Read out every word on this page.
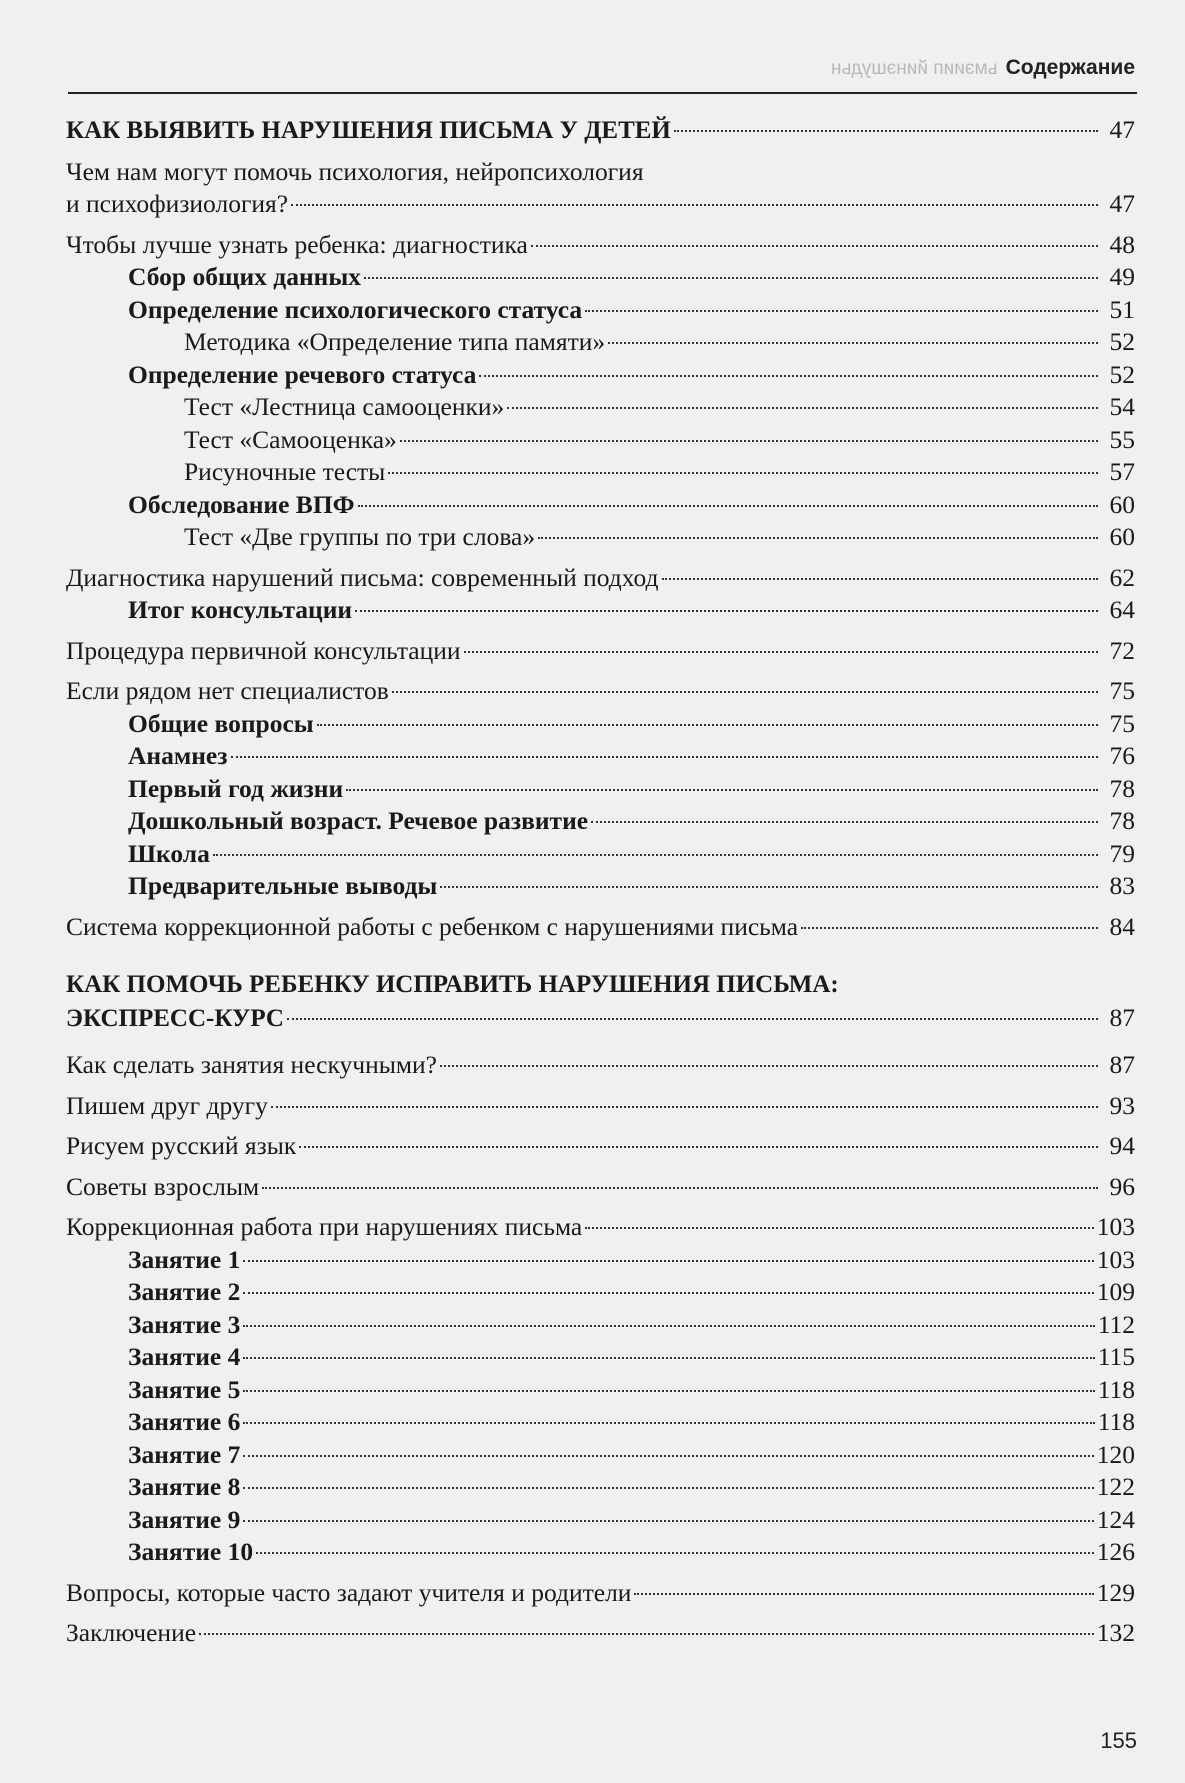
ьмэиип йинэшудьн Содержание
КАК ВЫЯВИТЬ НАРУШЕНИЯ ПИСЬМА У ДЕТЕЙ	47
Чем нам могут помочь психология, нейропсихология
и психофизиология?	47
Чтобы лучше узнать ребенка: диагностика	48
Сбор общих данных	49
Определение психологического статуса	51
Методика «Определение типа памяти»	52
Определение речевого статуса	52
Тест «Лестница самооценки»	54
Тест «Самооценка»	55
Рисуночные тесты	57
Обследование ВПФ	60
Тест «Две группы по три слова»	60
Диагностика нарушений письма: современный подход	62
Итог консультации	64
Процедура первичной консультации	72
Если рядом нет специалистов	75
Общие вопросы	75
Анамнез	76
Первый год жизни	78
Дошкольный возраст. Речевое развитие	78
Школа	79
Предварительные выводы	83
Система коррекционной работы с ребенком с нарушениями письма	84
КАК ПОМОЧЬ РЕБЕНКУ ИСПРАВИТЬ НАРУШЕНИЯ ПИСЬМА:
ЭКСПРЕСС-КУРС	87
Как сделать занятия нескучными?	87
Пишем друг другу	93
Рисуем русский язык	94
Советы взрослым	96
Коррекционная работа при нарушениях письма	103
Занятие 1	103
Занятие 2	109
Занятие 3	112
Занятие 4	115
Занятие 5	118
Занятие 6	118
Занятие 7	120
Занятие 8	122
Занятие 9	124
Занятие 10	126
Вопросы, которые часто задают учителя и родители	129
Заключение	132
155
